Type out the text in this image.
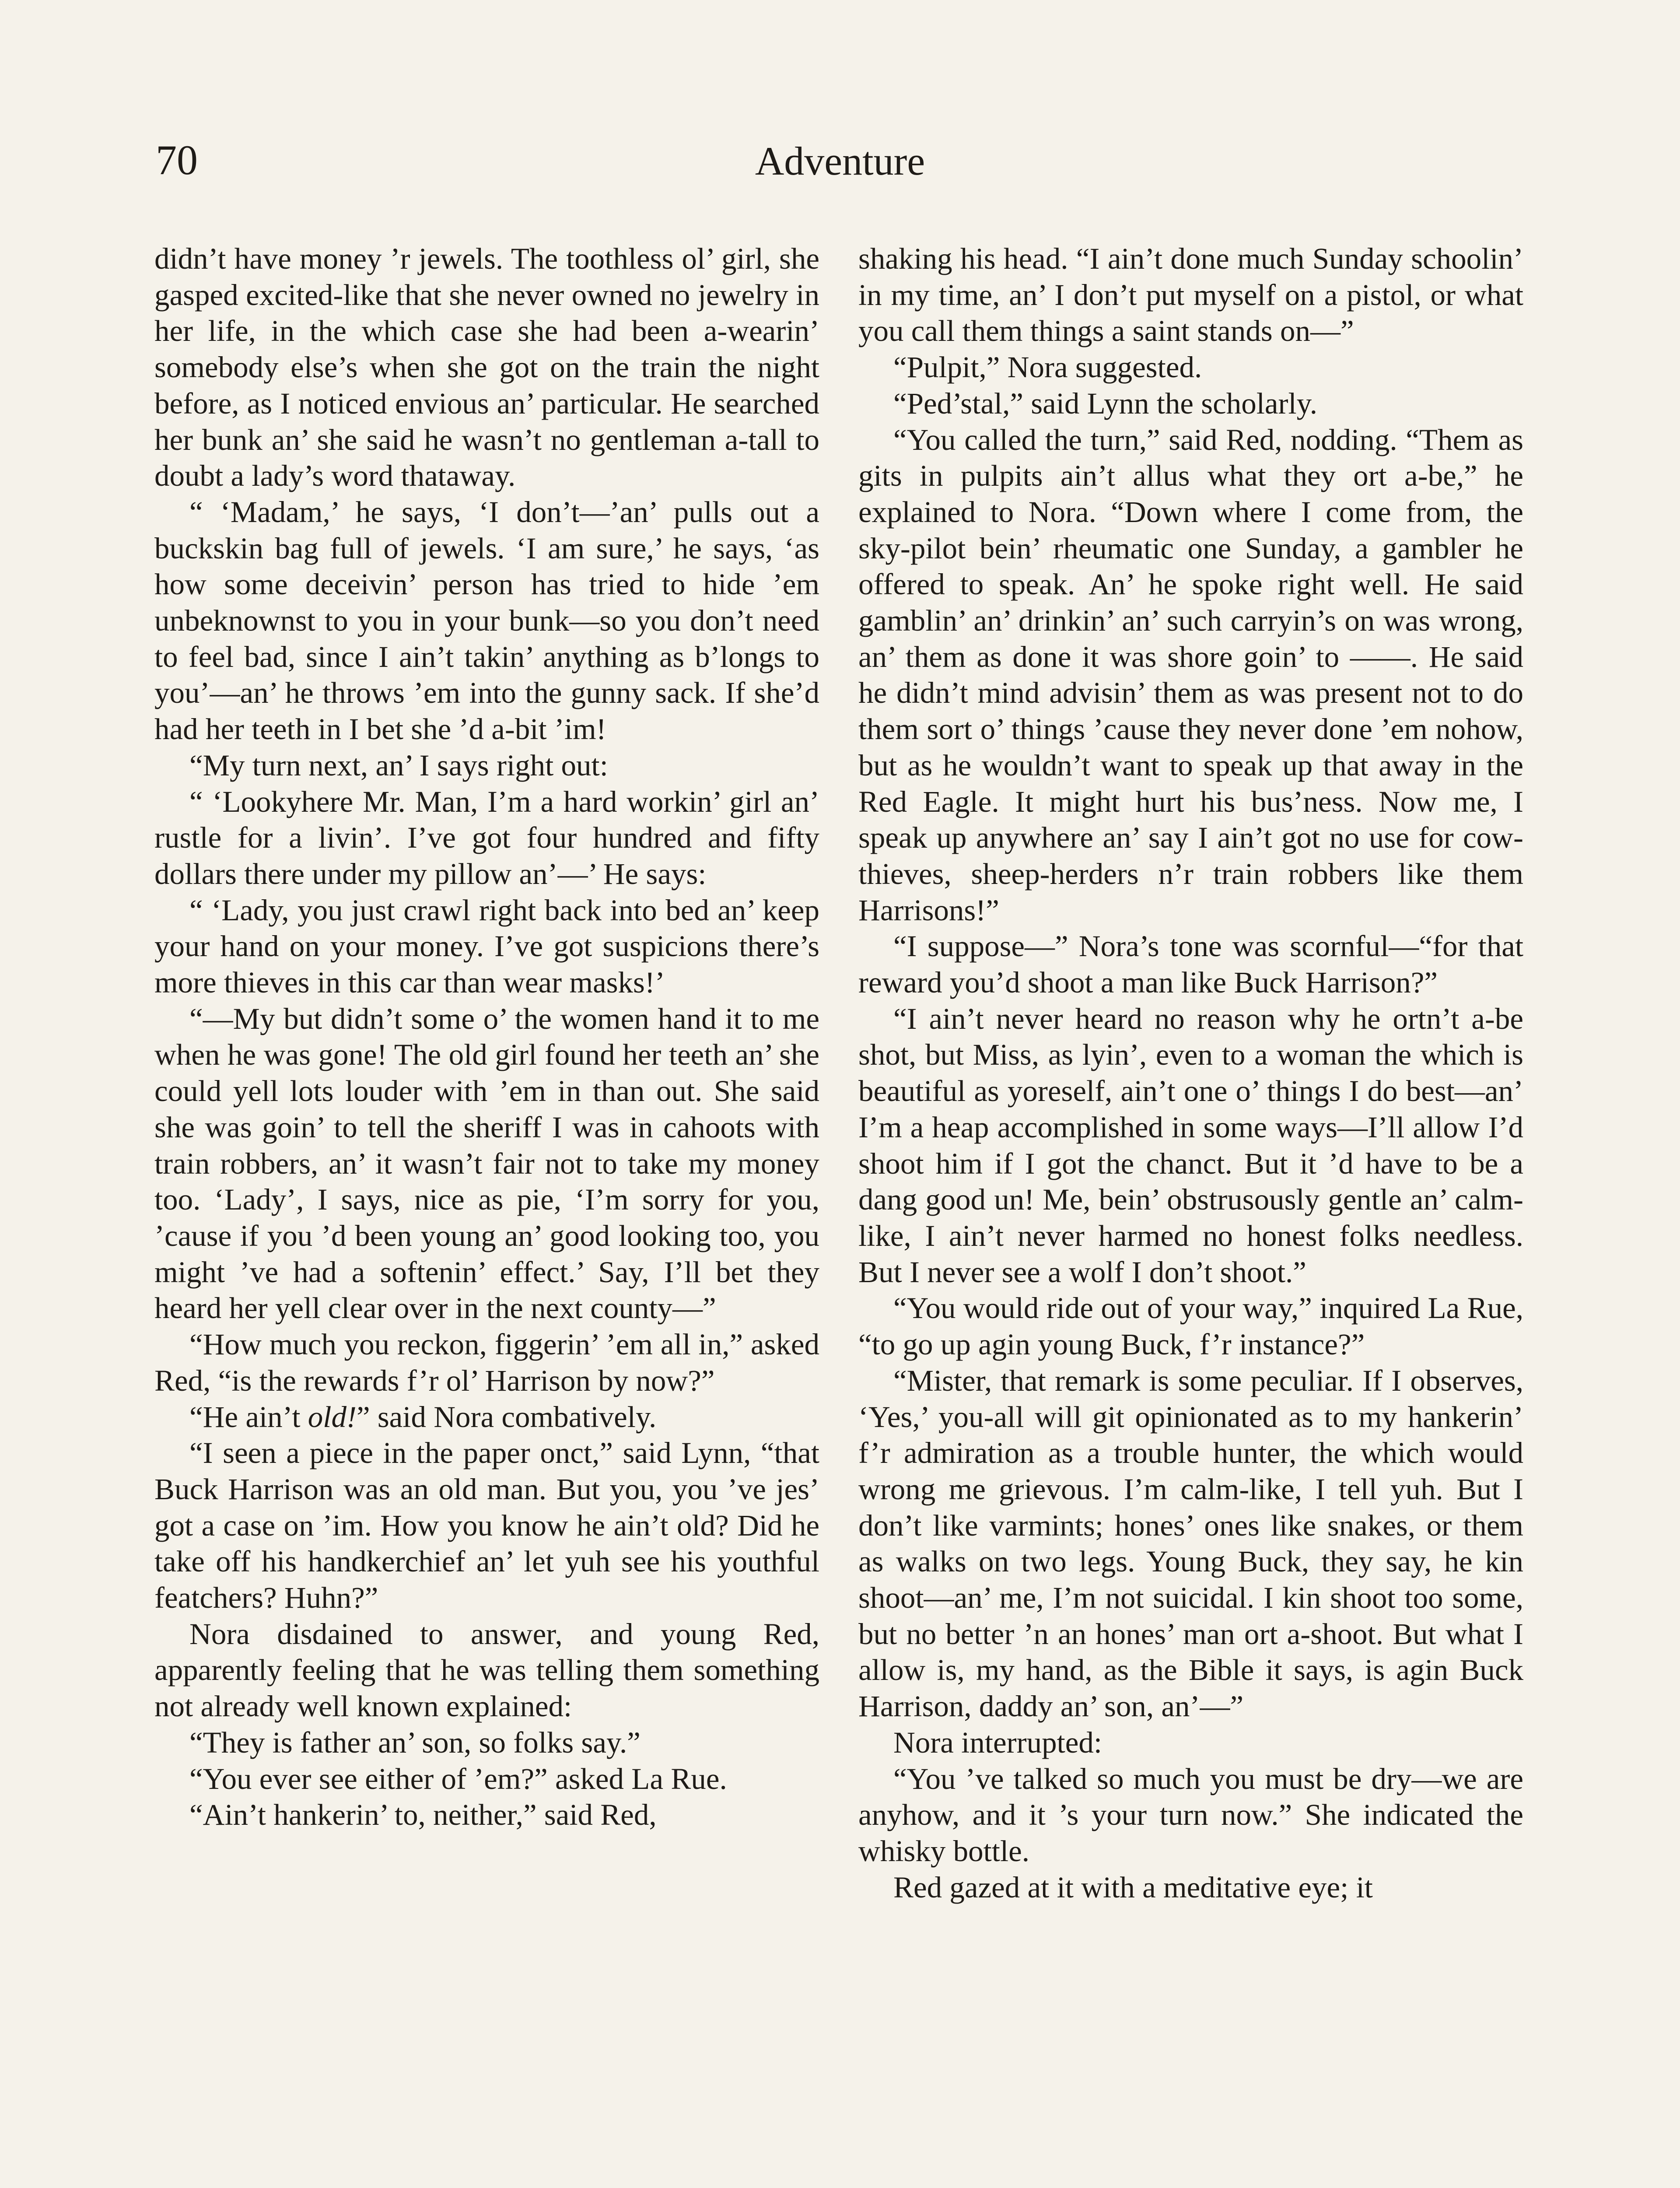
70	Adventure

didn’t have money ’r jewels. The toothless ol’ girl, she gasped excited-like that she never owned no jewelry in her life, in the which case she had been a-wearin’ somebody else’s when she got on the train the night before, as I noticed envious an’ particular. He searched her bunk an’ she said he wasn’t no gentleman a-tall to doubt a lady’s word thataway.

“ ‘Madam,’ he says, ‘I don’t—’an’ pulls out a buckskin bag full of jewels. ‘I am sure,’ he says, ‘as how some deceivin’ person has tried to hide ’em unbeknownst to you in your bunk—so you don’t need to feel bad, since I ain’t takin’ anything as b’longs to you’—an’ he throws ’em into the gunny sack. If she’d had her teeth in I bet she ’d a-bit ’im!

“My turn next, an’ I says right out:

“ ‘Lookyhere Mr. Man, I’m a hard workin’ girl an’ rustle for a livin’. I’ve got four hundred and fifty dollars there under my pillow an’—’ He says:

“ ‘Lady, you just crawl right back into bed an’ keep your hand on your money. I’ve got suspicions there’s more thieves in this car than wear masks!’

“—My but didn’t some o’ the women hand it to me when he was gone! The old girl found her teeth an’ she could yell lots louder with ’em in than out. She said she was goin’ to tell the sheriff I was in cahoots with train robbers, an’ it wasn’t fair not to take my money too. ‘Lady’, I says, nice as pie, ‘I’m sorry for you, ’cause if you ’d been young an’ good looking too, you might ’ve had a softenin’ effect.’ Say, I’ll bet they heard her yell clear over in the next county—”

“How much you reckon, figgerin’ ’em all in,” asked Red, “is the rewards f’r ol’ Harrison by now?”

“He ain’t old!” said Nora combatively.

“I seen a piece in the paper onct,” said Lynn, “that Buck Harrison was an old man. But you, you ’ve jes’ got a case on ’im. How you know he ain’t old? Did he take off his handkerchief an’ let yuh see his youthful featchers? Huhn?”

Nora disdained to answer, and young Red, apparently feeling that he was telling them something not already well known explained:

“They is father an’ son, so folks say.”

“You ever see either of ’em?” asked La Rue.

“Ain’t hankerin’ to, neither,” said Red,

shaking his head. “I ain’t done much Sunday schoolin’ in my time, an’ I don’t put myself on a pistol, or what you call them things a saint stands on—”

“Pulpit,” Nora suggested.

“Ped’stal,” said Lynn the scholarly.

“You called the turn,” said Red, nodding. “Them as gits in pulpits ain’t allus what they ort a-be,” he explained to Nora. “Down where I come from, the sky-pilot bein’ rheumatic one Sunday, a gambler he offered to speak. An’ he spoke right well. He said gamblin’ an’ drinkin’ an’ such carryin’s on was wrong, an’ them as done it was shore goin’ to ——. He said he didn’t mind advisin’ them as was present not to do them sort o’ things ’cause they never done ’em nohow, but as he wouldn’t want to speak up that away in the Red Eagle. It might hurt his bus’ness. Now me, I speak up anywhere an’ say I ain’t got no use for cow-thieves, sheep-herders n’r train robbers like them Harrisons!”

“I suppose—” Nora’s tone was scornful—“for that reward you’d shoot a man like Buck Harrison?”

“I ain’t never heard no reason why he ortn’t a-be shot, but Miss, as lyin’, even to a woman the which is beautiful as yoreself, ain’t one o’ things I do best—an’ I’m a heap accomplished in some ways—I’ll allow I’d shoot him if I got the chanct. But it ’d have to be a dang good un! Me, bein’ obstrusously gentle an’ calm-like, I ain’t never harmed no honest folks needless. But I never see a wolf I don’t shoot.”

“You would ride out of your way,” inquired La Rue, “to go up agin young Buck, f’r instance?”

“Mister, that remark is some peculiar. If I observes, ‘Yes,’ you-all will git opinionated as to my hankerin’ f’r admiration as a trouble hunter, the which would wrong me grievous. I’m calm-like, I tell yuh. But I don’t like varmints; hones’ ones like snakes, or them as walks on two legs. Young Buck, they say, he kin shoot—an’ me, I’m not suicidal. I kin shoot too some, but no better ’n an hones’ man ort a-shoot. But what I allow is, my hand, as the Bible it says, is agin Buck Harrison, daddy an’ son, an’—”

Nora interrupted:

“You ’ve talked so much you must be dry—we are anyhow, and it ’s your turn now.” She indicated the whisky bottle.

Red gazed at it with a meditative eye; it
